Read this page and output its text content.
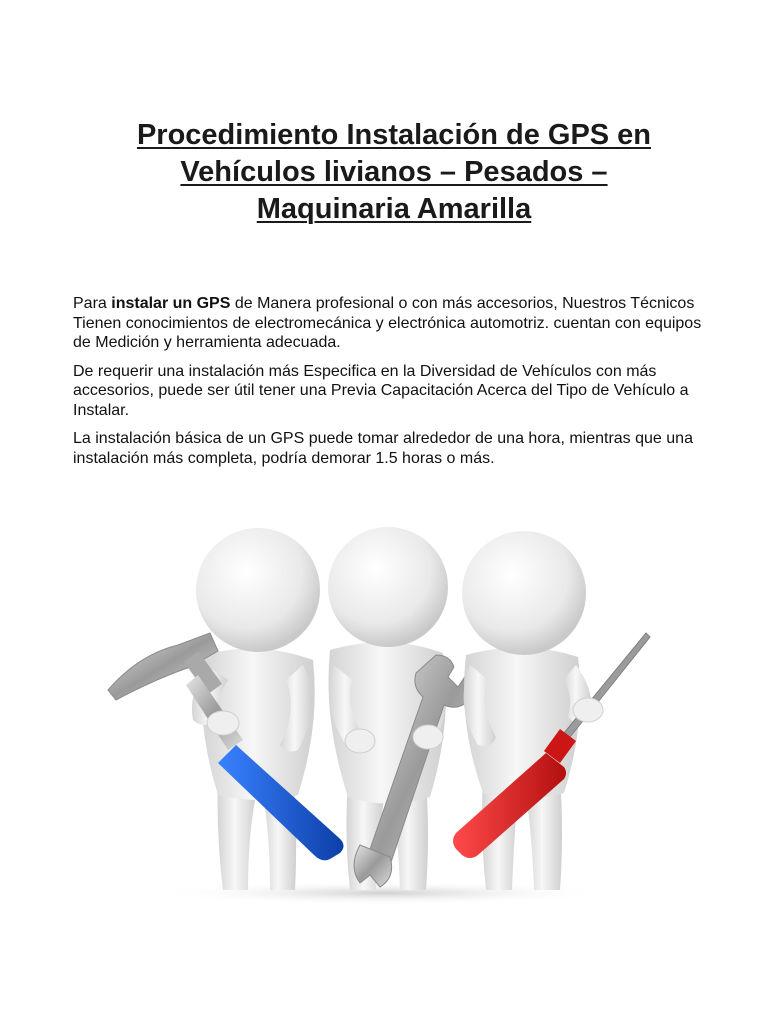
Procedimiento Instalación de GPS en
Vehículos livianos – Pesados –
Maquinaria Amarilla

Para instalar un GPS de Manera profesional o con más accesorios, Nuestros Técnicos Tienen conocimientos de electromecánica y electrónica automotriz. cuentan con equipos de Medición y herramienta adecuada.

De requerir una instalación más Especifica en la Diversidad de Vehículos con más accesorios, puede ser útil tener una Previa Capacitación Acerca del Tipo de Vehículo a Instalar.

La instalación básica de un GPS puede tomar alrededor de una hora, mientras que una instalación más completa, podría demorar 1.5 horas o más.
